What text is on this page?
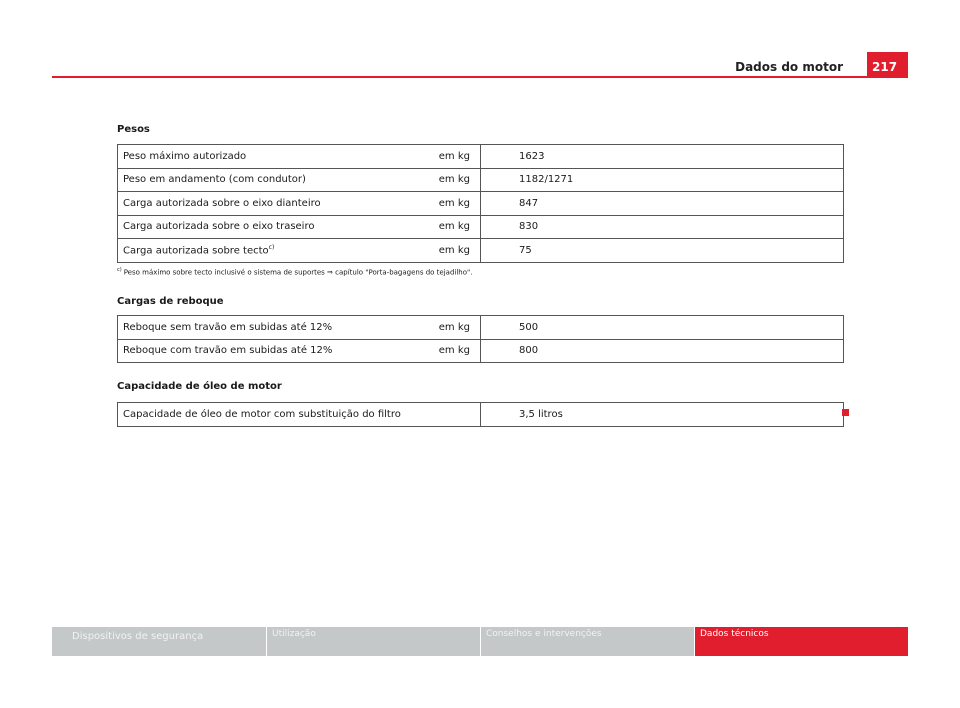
Dados do motor	217
Pesos
Peso máximo autorizado	em kg	1623
Peso em andamento (com condutor)	em kg	1182/1271
Carga autorizada sobre o eixo dianteiro	em kg	847
Carga autorizada sobre o eixo traseiro	em kg	830
Carga autorizada sobre tecto$^{c)}$	em kg	75
$^{c)}$ Peso máximo sobre tecto inclusivé o sistema de suportes ⇒ capítulo "Porta-bagagens do tejadilho".
Cargas de reboque
Reboque sem travão em subidas até 12%	em kg	500
Reboque com travão em subidas até 12%	em kg	800
Capacidade de óleo de motor
Capacidade de óleo de motor com substituição do filtro	3,5 litros
Dispositivos de segurança	Utilização	Conselhos e intervenções	Dados técnicos
